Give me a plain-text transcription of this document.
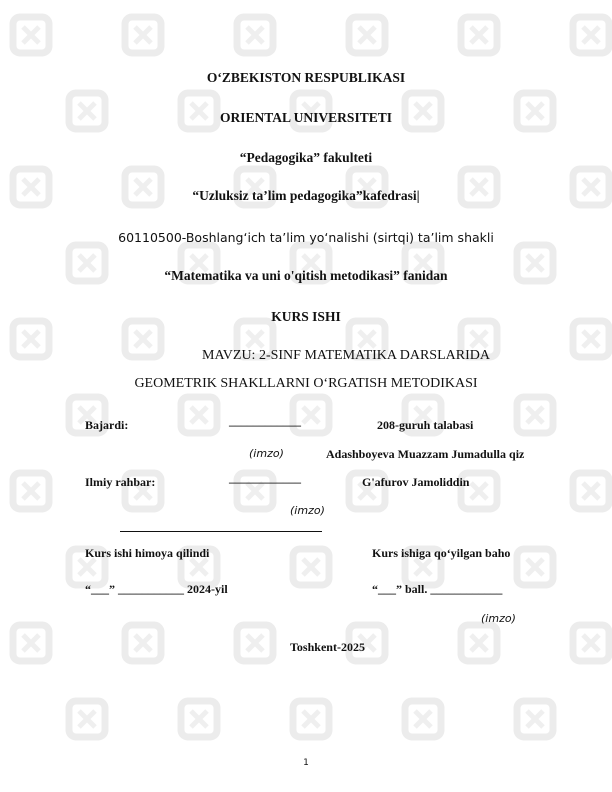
O‘ZBEKISTON RESPUBLIKASI
ORIENTAL UNIVERSITETI
“Pedagogika” fakulteti
“Uzluksiz ta’lim pedagogika”kafedrasi|
60110500-Boshlang‘ich ta’lim yo‘nalishi (sirtqi) ta’lim shakli
“Matematika va uni o'qitish metodikasi” fanidan
KURS ISHI
MAVZU: 2-SINF MATEMATIKA DARSLARIDA
GEOMETRIK SHAKLLARNI O‘RGATISH METODIKASI
Bajardi:	____________	208-guruh talabasi
(imzo)	Adashboyeva Muazzam Jumadulla qiz
Ilmiy rahbar:	____________	G'afurov Jamoliddin
(imzo)
Kurs ishi himoya qilindi	Kurs ishiga qo‘yilgan baho
“___” ___________ 2024-yil	“___” ball. ____________
(imzo)
Toshkent-2025
1
